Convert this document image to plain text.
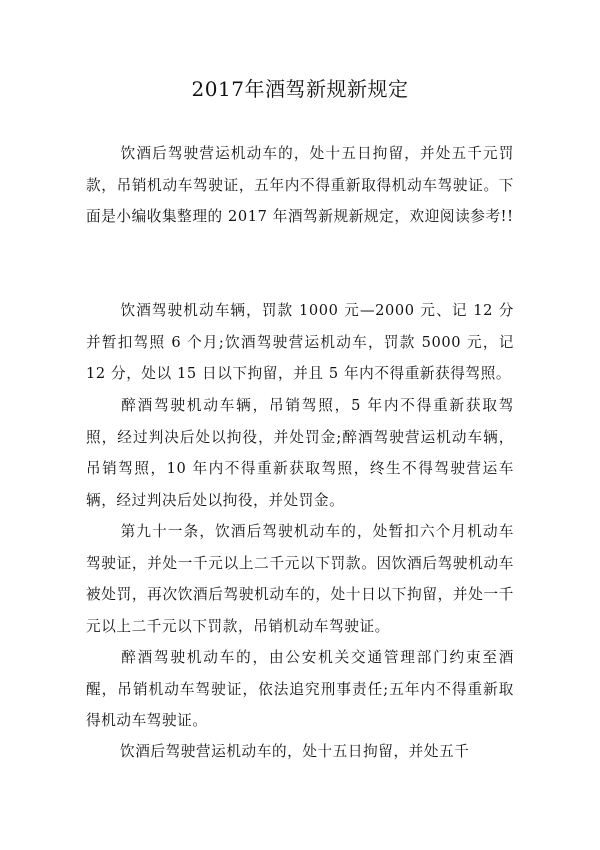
2017年酒驾新规新规定

饮酒后驾驶营运机动车的，处十五日拘留，并处五千元罚款，吊销机动车驾驶证，五年内不得重新取得机动车驾驶证。下面是小编收集整理的 2017 年酒驾新规新规定，欢迎阅读参考!!

饮酒驾驶机动车辆，罚款 1000 元—2000 元、记 12 分并暂扣驾照 6 个月;饮酒驾驶营运机动车，罚款 5000 元，记 12 分，处以 15 日以下拘留，并且 5 年内不得重新获得驾照。

醉酒驾驶机动车辆，吊销驾照，5 年内不得重新获取驾照，经过判决后处以拘役，并处罚金;醉酒驾驶营运机动车辆，吊销驾照，10 年内不得重新获取驾照，终生不得驾驶营运车辆，经过判决后处以拘役，并处罚金。

第九十一条，饮酒后驾驶机动车的，处暂扣六个月机动车驾驶证，并处一千元以上二千元以下罚款。因饮酒后驾驶机动车被处罚，再次饮酒后驾驶机动车的，处十日以下拘留，并处一千元以上二千元以下罚款，吊销机动车驾驶证。

醉酒驾驶机动车的，由公安机关交通管理部门约束至酒醒，吊销机动车驾驶证，依法追究刑事责任;五年内不得重新取得机动车驾驶证。

饮酒后驾驶营运机动车的，处十五日拘留，并处五千
